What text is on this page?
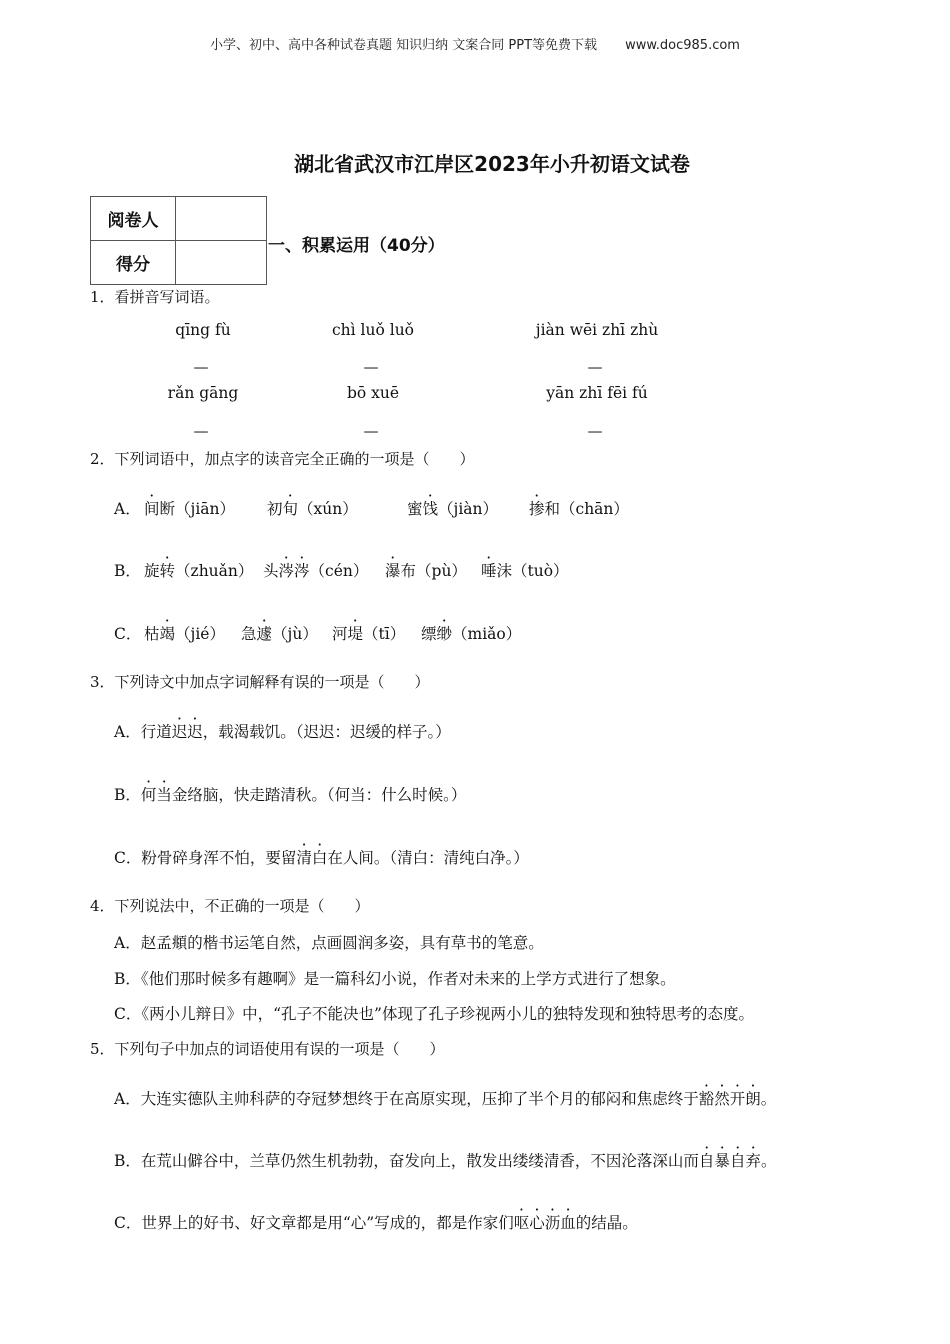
小学、初中、高中各种试卷真题 知识归纳 文案合同 PPT等免费下载 www.doc985.com
湖北省武汉市江岸区2023年小升初语文试卷
阅卷人	
得分	
一、积累运用（40分）
1．看拼音写词语。
qīng fù	chì luǒ luǒ	jiàn wēi zhī zhù
—	—	—
rǎn gāng	bō xuē	yān zhī fēi fú
—	—	—
2．下列词语中，加点字的读音完全正确的一项是（　　）
A． 间断（jiān） 初旬（xún）	蜜饯（jiàn） 掺和（chān）
B． 旋转（zhuǎn） 头涔涔（cén） 瀑布（pù） 唾沫（tuò）
C． 枯竭（jié） 急遽（jù） 河堤（tī） 缥缈（miǎo）
3．下列诗文中加点字词解释有误的一项是（　　）
A．行道迟迟，载渴载饥。（迟迟：迟缓的样子。）
B．何当金络脑，快走踏清秋。（何当：什么时候。）
C．粉骨碎身浑不怕，要留清白在人间。（清白：清纯白净。）
4．下列说法中，不正确的一项是（　　）
A．赵孟頫的楷书运笔自然，点画圆润多姿，具有草书的笔意。
B．《他们那时候多有趣啊》是一篇科幻小说，作者对未来的上学方式进行了想象。
C．《两小儿辩日》中，“孔子不能决也”体现了孔子珍视两小儿的独特发现和独特思考的态度。
5．下列句子中加点的词语使用有误的一项是（　　）
A．大连实德队主帅科萨的夺冠梦想终于在高原实现，压抑了半个月的郁闷和焦虑终于豁然开朗。
B．在荒山僻谷中，兰草仍然生机勃勃，奋发向上，散发出缕缕清香，不因沦落深山而自暴自弃。
C．世界上的好书、好文章都是用“心”写成的，都是作家们呕心沥血的结晶。
